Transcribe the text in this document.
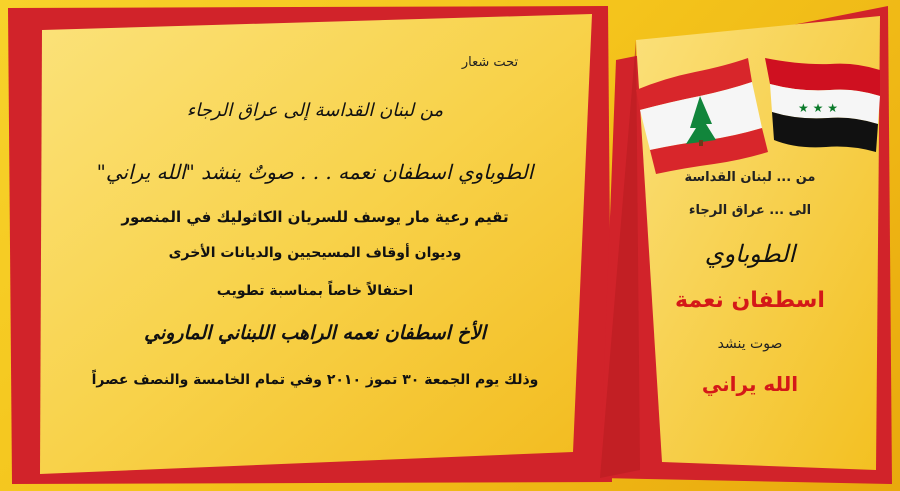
★ ★ ★
تحت شعار
من لبنان القداسة إلى عراق الرجاء
الطوباوي اسطفان نعمه . . . صوتٌ ينشد "الله يراني"
تقيم رعية مار يوسف للسريان الكاثوليك في المنصور
وديوان أوقاف المسيحيين والديانات الأخرى
احتفالاً خاصاً بمناسبة تطويب
الأخ اسطفان نعمه الراهب اللبناني الماروني
وذلك يوم الجمعة ٣٠ تموز ٢٠١٠ وفي تمام الخامسة والنصف عصراً
من ... لبنان القداسة
الى ... عراق الرجاء
الطوباوي
اسطفان نعمة
صوت ينشد
الله يراني
